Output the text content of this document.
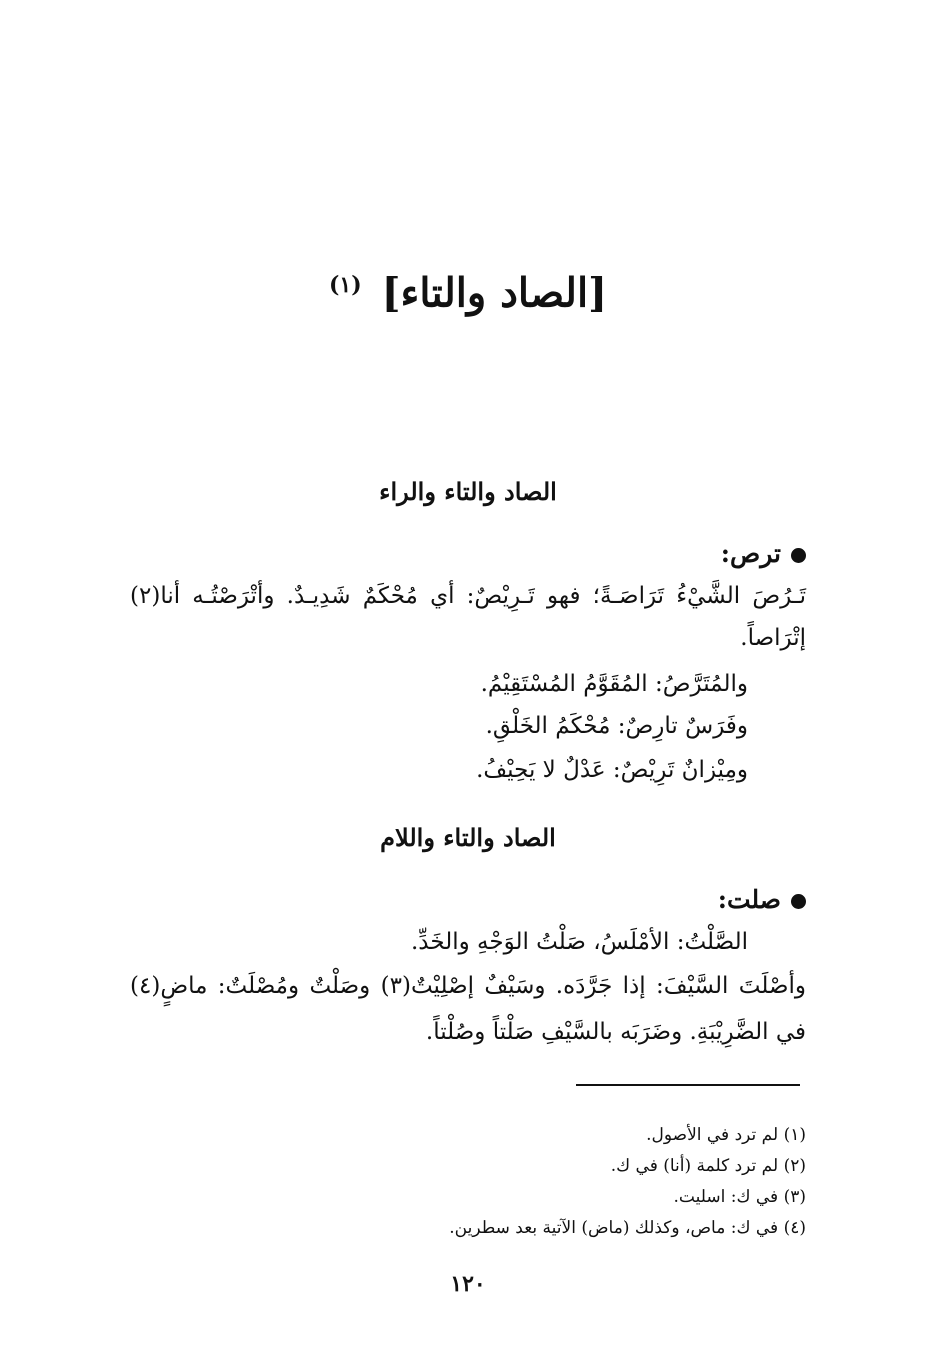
[الصاد والتاء] $^{(١)}$
الصاد والتاء والراء
ترص:
تَـرُصَ الشَّيْءُ تَرَاصَـةً؛ فهو تَـرِيْصٌ: أي مُحْكَمٌ شَدِيـدٌ. وأتْرَصْتُـه أنا(٢)
إتْرَاصاً.
والمُتَرَّصُ: المُقَوَّمُ المُسْتَقِيْمُ.
وفَرَسٌ تارِصٌ: مُحْكَمُ الخَلْقِ.
ومِيْزانٌ تَرِيْصٌ: عَدْلٌ لا يَحِيْفُ.
الصاد والتاء واللام
صلت:
الصَّلْتُ: الأمْلَسُ، صَلْتُ الوَجْهِ والخَدِّ.
وأصْلَتَ السَّيْفَ: إذا جَرَّدَه. وسَيْفٌ إصْلِيْتٌ(٣) وصَلْتٌ ومُصْلَتٌ: ماضٍ(٤)
في الضَّرِيْبَةِ. وضَرَبَه بالسَّيْفِ صَلْتاً وصُلْتاً.
(١) لم ترد في الأصول.
(٢) لم ترد كلمة (أنا) في ك.
(٣) في ك: اسليت.
(٤) في ك: ماص، وكذلك (ماض) الآتية بعد سطرين.
١٢٠
